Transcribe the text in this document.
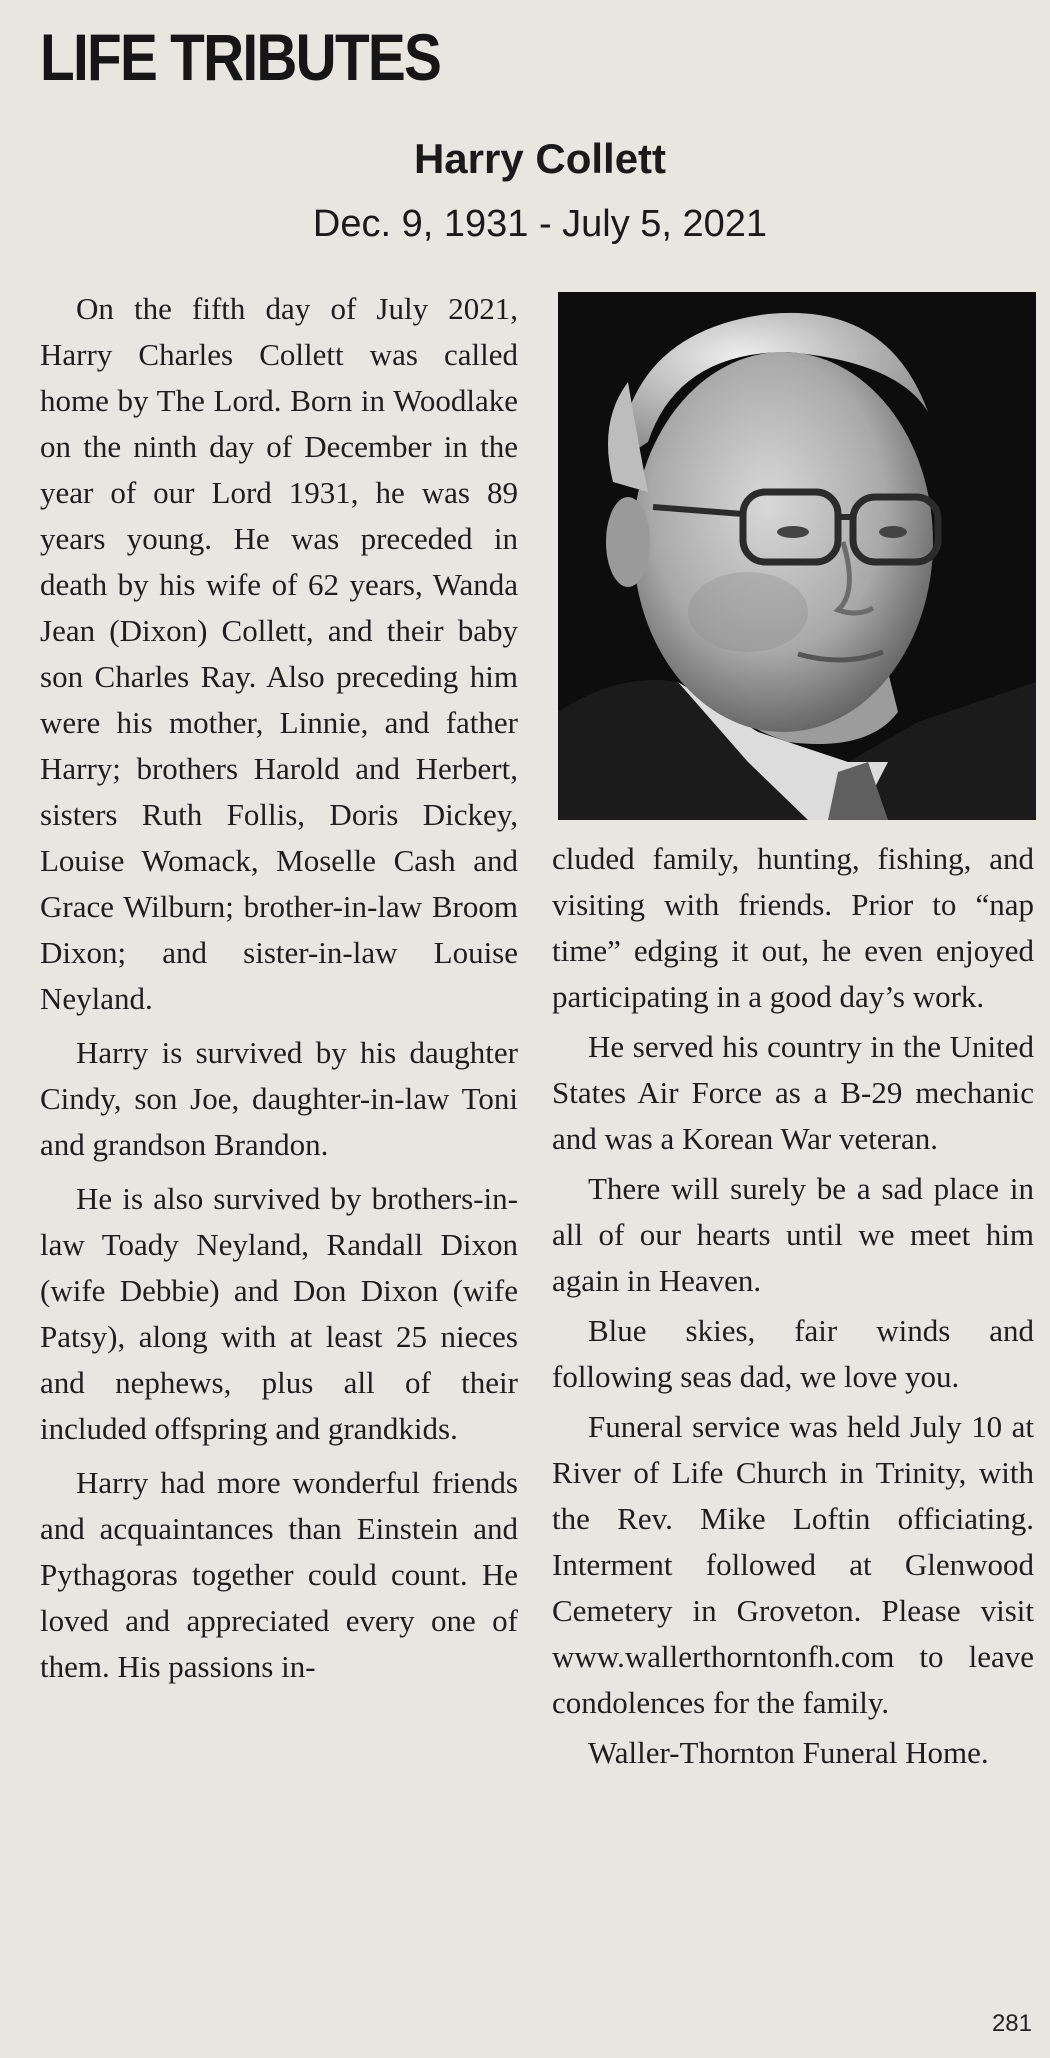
LIFE TRIBUTES
Harry Collett
Dec. 9, 1931 - July 5, 2021

On the fifth day of July 2021, Harry Charles Collett was called home by The Lord. Born in Woodlake on the ninth day of December in the year of our Lord 1931, he was 89 years young. He was preceded in death by his wife of 62 years, Wanda Jean (Dixon) Collett, and their baby son Charles Ray. Also preceding him were his mother, Linnie, and father Harry; brothers Harold and Herbert, sisters Ruth Follis, Doris Dickey, Louise Womack, Moselle Cash and Grace Wilburn; brother-in-law Broom Dixon; and sister-in-law Louise Neyland.

Harry is survived by his daughter Cindy, son Joe, daughter-in-law Toni and grandson Brandon.

He is also survived by brothers-in-law Toady Neyland, Randall Dixon (wife Debbie) and Don Dixon (wife Patsy), along with at least 25 nieces and nephews, plus all of their included offspring and grandkids.

Harry had more wonderful friends and acquaintances than Einstein and Pythagoras together could count. He loved and appreciated every one of them. His passions in-

cluded family, hunting, fishing, and visiting with friends. Prior to “nap time” edging it out, he even enjoyed participating in a good day’s work.

He served his country in the United States Air Force as a B-29 mechanic and was a Korean War veteran.

There will surely be a sad place in all of our hearts until we meet him again in Heaven.

Blue skies, fair winds and following seas dad, we love you.

Funeral service was held July 10 at River of Life Church in Trinity, with the Rev. Mike Loftin officiating. Interment followed at Glenwood Cemetery in Groveton. Please visit www.wallerthorntonfh.com to leave condolences for the family.

Waller-Thornton Funeral Home.

281
